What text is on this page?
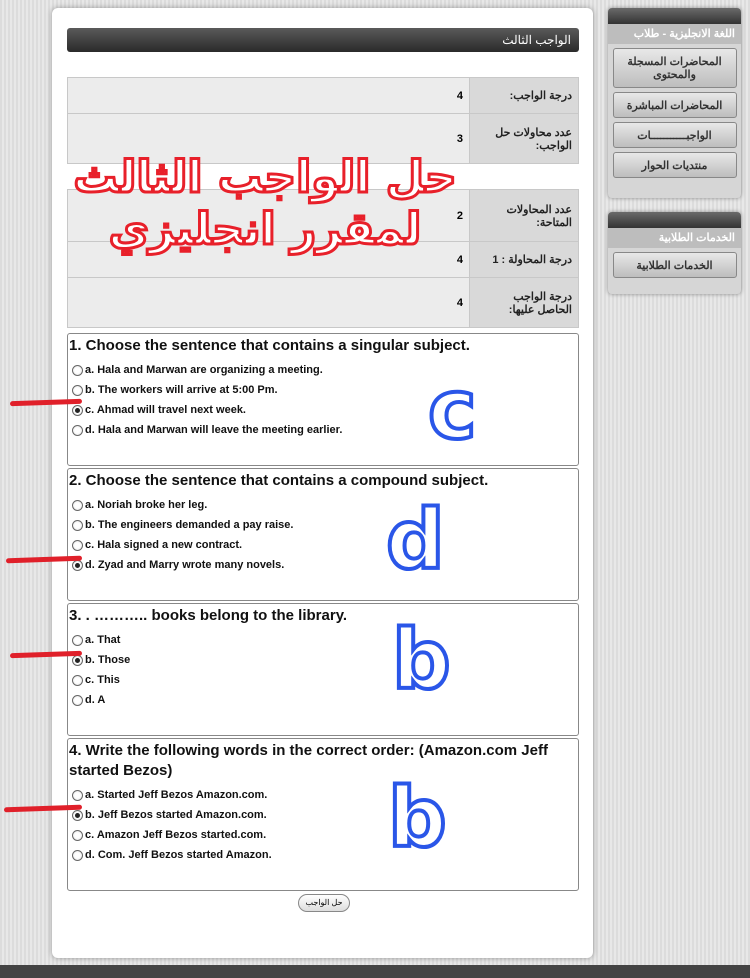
الواجب الثالث
4	درجة الواجب:
3	عدد محاولات حل الواجب:
2	عدد المحاولات المتاحة:
4	درجة المحاولة : 1
4	درجة الواجب الحاصل عليها:
1. Choose the sentence that contains a singular subject.
a. Hala and Marwan are organizing a meeting.
b. The workers will arrive at 5:00 Pm.
c. Ahmad will travel next week.
d. Hala and Marwan will leave the meeting earlier.
2. Choose the sentence that contains a compound subject.
a. Noriah broke her leg.
b. The engineers demanded a pay raise.
c. Hala signed a new contract.
d. Zyad and Marry wrote many novels.
3. . ……….. books belong to the library.
a. That
b. Those
c. This
d. A
4. Write the following words in the correct order: (Amazon.com Jeff started Bezos)
a. Started Jeff Bezos Amazon.com.
b. Jeff Bezos started Amazon.com.
c. Amazon Jeff Bezos started.com.
d. Com. Jeff Bezos started Amazon.
حل الواجب
اللغة الانجليزية - طلاب
المحاضرات المسجلة والمحتوى
المحاضرات المباشرة
الواجبـــــــــــات
منتديات الحوار
الخدمات الطلابية
الخدمات الطلابية
حل الواجب الثالث
لمقرر انجليزي
c
d
b
b
